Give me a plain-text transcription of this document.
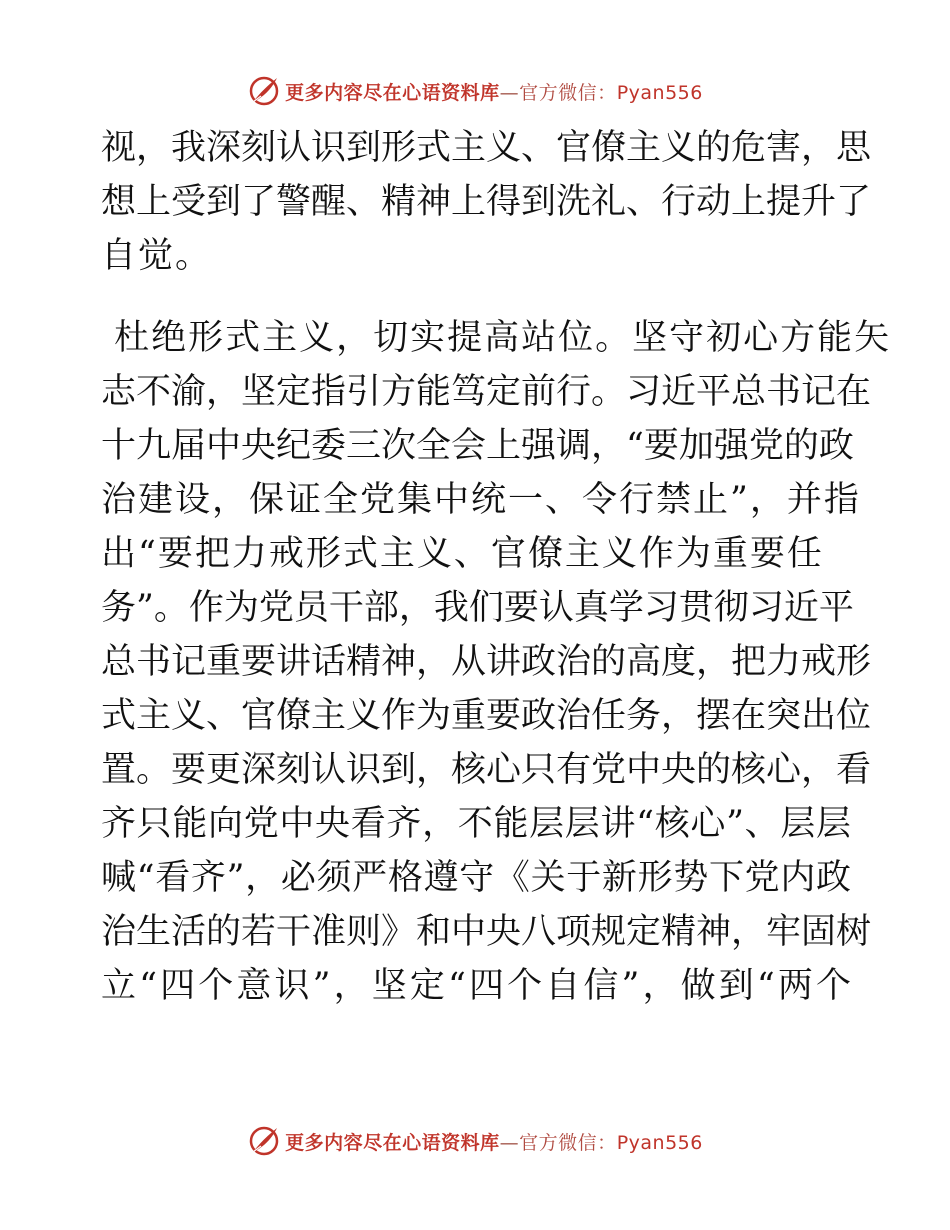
更多内容尽在心语资料库—官方微信：Pyan556
视，我深刻认识到形式主义、官僚主义的危害，思
想上受到了警醒、精神上得到洗礼、行动上提升了
自觉。
杜绝形式主义，切实提高站位。坚守初心方能矢
志不渝，坚定指引方能笃定前行。习近平总书记在
十九届中央纪委三次全会上强调，“要加强党的政
治建设，保证全党集中统一、令行禁止”，并指
出“要把力戒形式主义、官僚主义作为重要任
务”。作为党员干部，我们要认真学习贯彻习近平
总书记重要讲话精神，从讲政治的高度，把力戒形
式主义、官僚主义作为重要政治任务，摆在突出位
置。要更深刻认识到，核心只有党中央的核心，看
齐只能向党中央看齐，不能层层讲“核心”、层层
喊“看齐”，必须严格遵守《关于新形势下党内政
治生活的若干准则》和中央八项规定精神，牢固树
立“四个意识”，坚定“四个自信”，做到“两个
更多内容尽在心语资料库—官方微信：Pyan556
